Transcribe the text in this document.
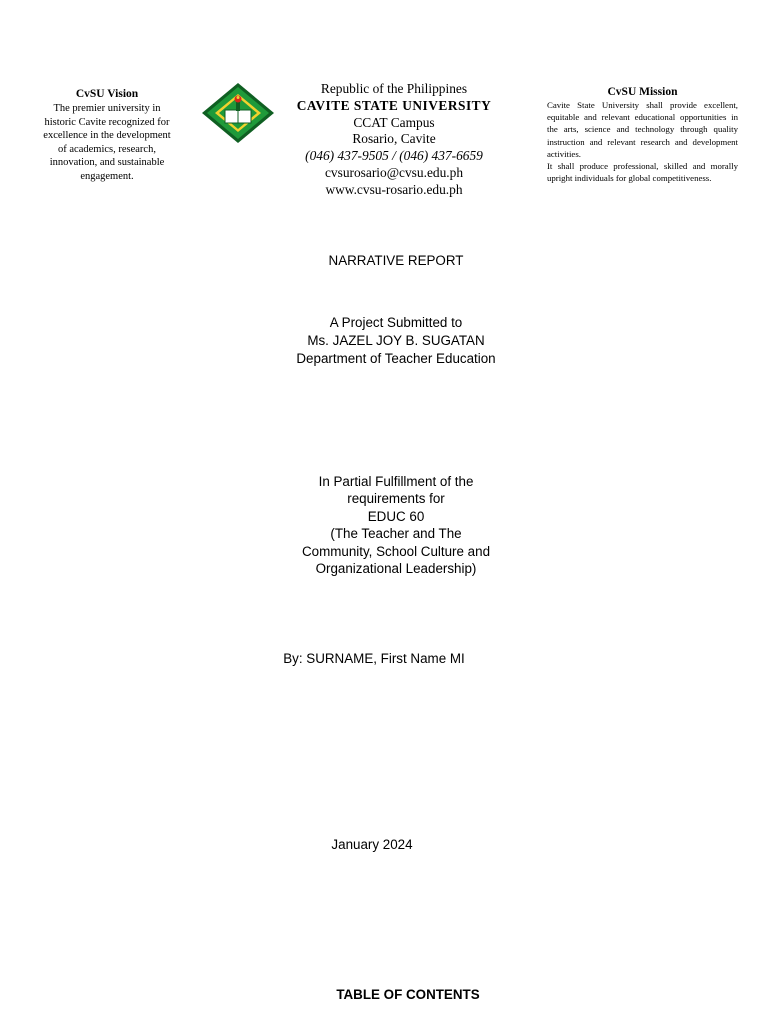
CvSU Vision
The premier university in
historic Cavite recognized for
excellence in the development
of academics, research,
innovation, and sustainable
engagement.
Republic of the Philippines
CAVITE STATE UNIVERSITY
CCAT Campus
Rosario, Cavite
(046) 437-9505 / (046) 437-6659
cvsurosario@cvsu.edu.ph
www.cvsu-rosario.edu.ph
CvSU Mission

Cavite State University shall provide excellent, equitable and relevant educational opportunities in the arts, science and technology through quality instruction and relevant research and development activities.

It shall produce professional, skilled and morally upright individuals for global competitiveness.

NARRATIVE REPORT
A Project Submitted to
Ms. JAZEL JOY B. SUGATAN
Department of Teacher Education
In Partial Fulfillment of the
requirements for
EDUC 60
(The Teacher and The
Community, School Culture and
Organizational Leadership)
By: SURNAME, First Name MI
January 2024
TABLE OF CONTENTS
